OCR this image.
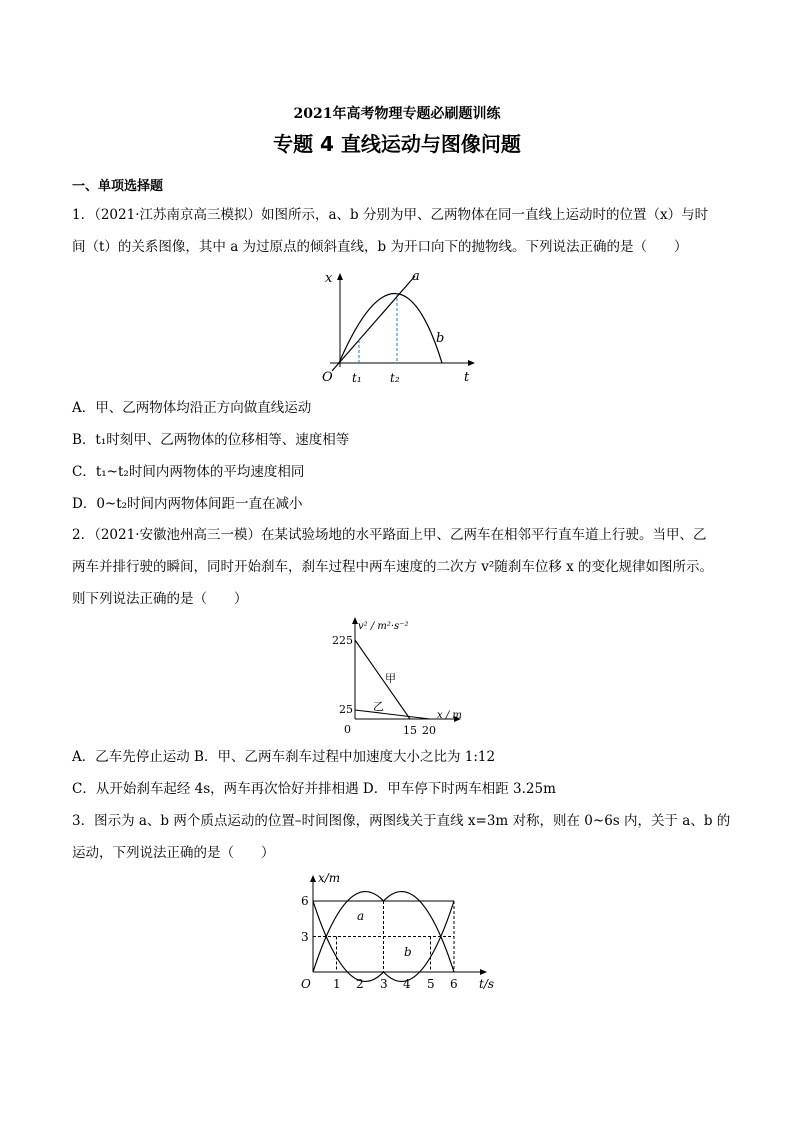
2021年高考物理专题必刷题训练
专题 4 直线运动与图像问题
一、单项选择题
1．（2021·江苏南京高三模拟）如图所示，a、b 分别为甲、乙两物体在同一直线上运动时的位置（x）与时
间（t）的关系图像，其中 a 为过原点的倾斜直线，b 为开口向下的抛物线。下列说法正确的是（　　）
x
t
O
a
b
t₁ t₂
A．甲、乙两物体均沿正方向做直线运动
B．t₁时刻甲、乙两物体的位移相等、速度相等
C．t₁~t₂时间内两物体的平均速度相同
D．0~t₂时间内两物体间距一直在减小
2．（2021·安徽池州高三一模）在某试验场地的水平路面上甲、乙两车在相邻平行直车道上行驶。当甲、乙
两车并排行驶的瞬间，同时开始刹车，刹车过程中两车速度的二次方 v²随刹车位移 x 的变化规律如图所示。
则下列说法正确的是（　　）
v² / m²·s⁻²
x / m
225
25
0	15 20
甲
乙
A．乙车先停止运动 B．甲、乙两车刹车过程中加速度大小之比为 1:12
C．从开始刹车起经 4s，两车再次恰好并排相遇 D．甲车停下时两车相距 3.25m
3．图示为 a、b 两个质点运动的位置–时间图像，两图线关于直线 x=3m 对称，则在 0~6s 内，关于 a、b 的
运动，下列说法正确的是（　　）
x/m
t/s
O
6
3
1 2 3 4 5 6
a
b
